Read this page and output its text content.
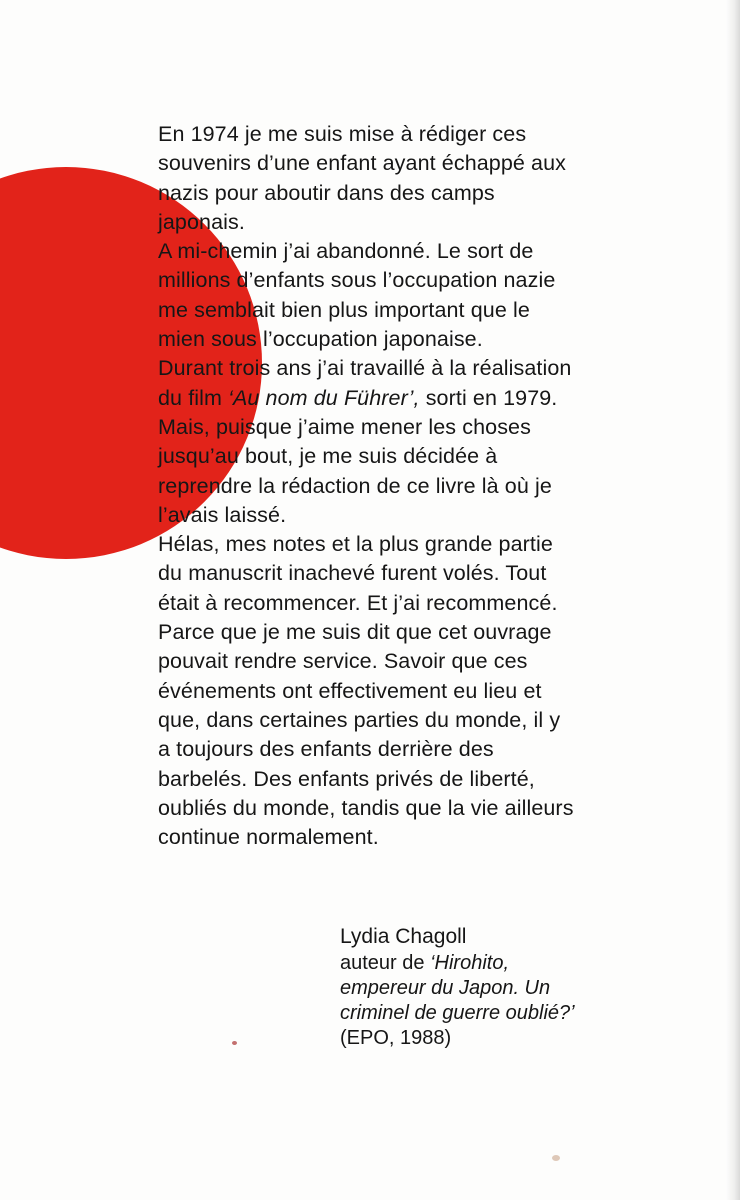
En 1974 je me suis mise à rédiger ces souvenirs d’une enfant ayant échappé aux nazis pour aboutir dans des camps japonais.

A mi-chemin j’ai abandonné. Le sort de millions d’enfants sous l’occupation nazie me semblait bien plus important que le mien sous l’occupation japonaise.

Durant trois ans j’ai travaillé à la réalisation du film ‘Au nom du Führer’, sorti en 1979. Mais, puisque j’aime mener les choses jusqu’au bout, je me suis décidée à reprendre la rédaction de ce livre là où je l’avais laissé.

Hélas, mes notes et la plus grande partie du manuscrit inachevé furent volés. Tout était à recommencer. Et j’ai recommencé. Parce que je me suis dit que cet ouvrage pouvait rendre service. Savoir que ces événements ont effectivement eu lieu et que, dans certaines parties du monde, il y a toujours des enfants derrière des barbelés. Des enfants privés de liberté, oubliés du monde, tandis que la vie ailleurs continue normalement.

Lydia Chagoll
auteur de ‘Hirohito, empereur du Japon. Un criminel de guerre oublié?’ (EPO, 1988)
